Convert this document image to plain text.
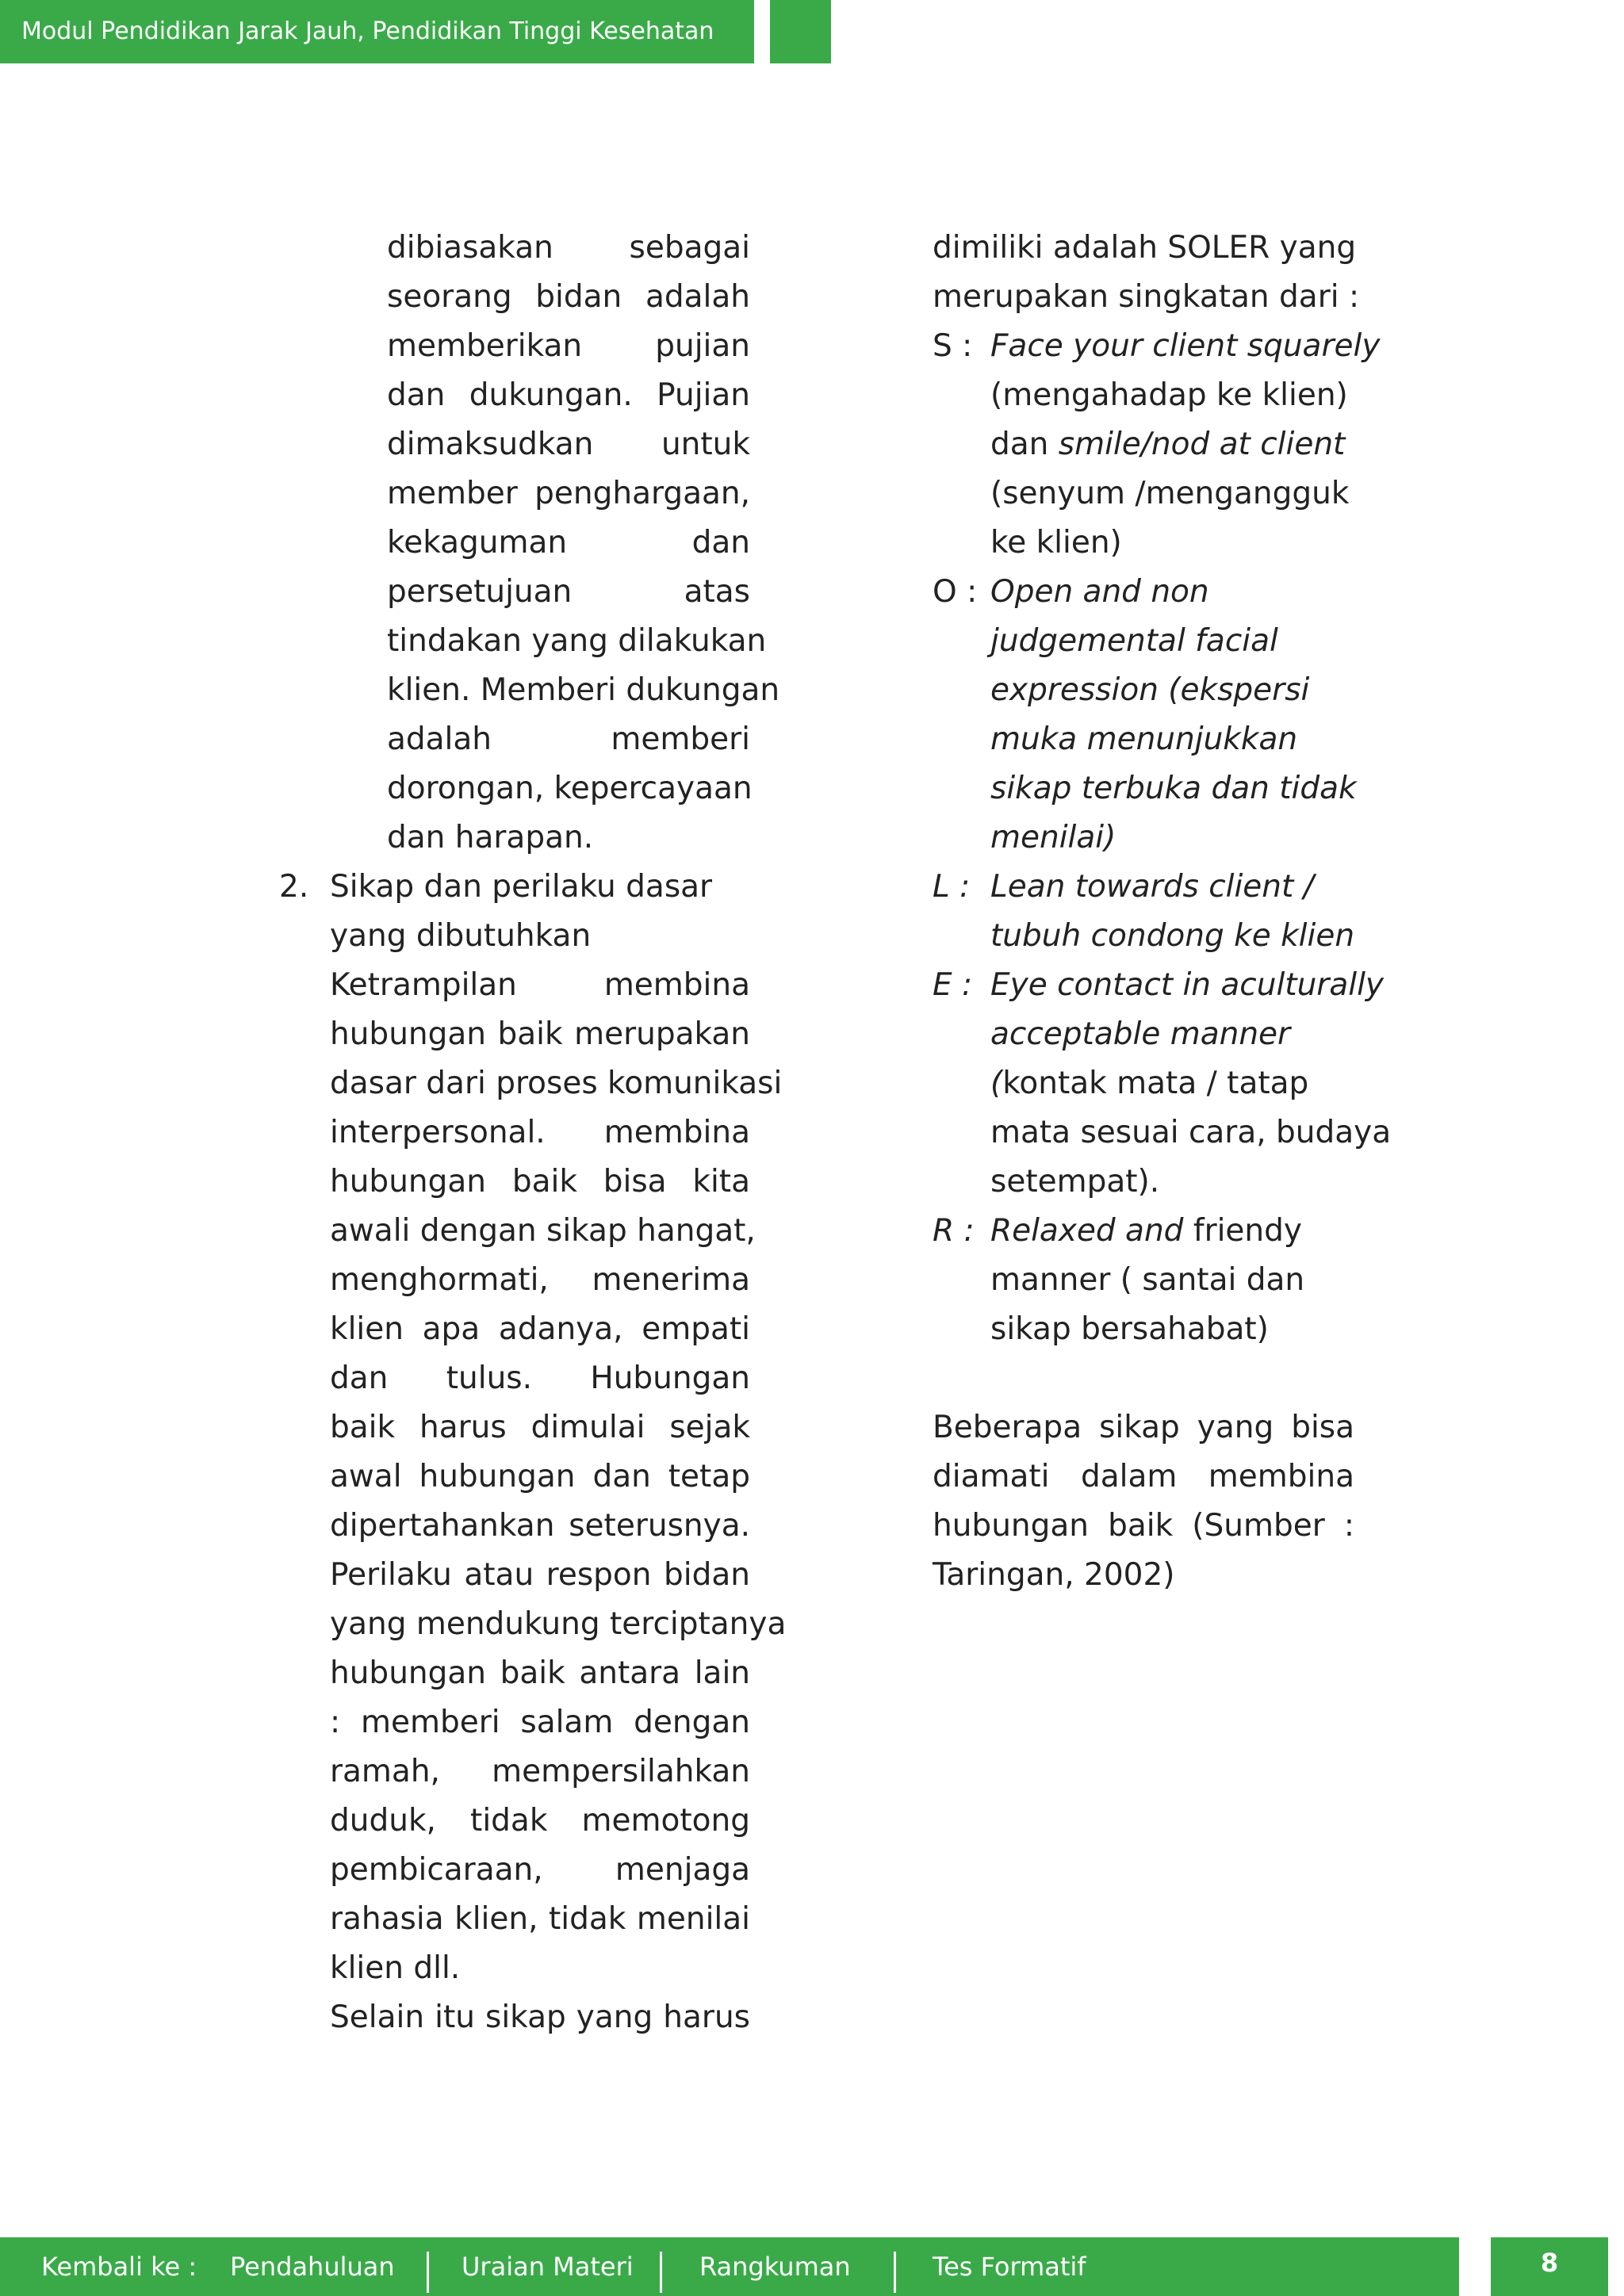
Modul Pendidikan Jarak Jauh, Pendidikan Tinggi Kesehatan
dibiasakan sebagai
seorang bidan adalah
memberikan pujian
dan dukungan. Pujian
dimaksudkan untuk
member penghargaan,
kekaguman dan
persetujuan atas
tindakan yang dilakukan
klien. Memberi dukungan
adalah memberi
dorongan, kepercayaan
dan harapan.
2. Sikap dan perilaku dasar yang dibutuhkan
Ketrampilan membina
hubungan baik merupakan
dasar dari proses komunikasi
interpersonal. membina
hubungan baik bisa kita
awali dengan sikap hangat,
menghormati, menerima
klien apa adanya, empati
dan tulus. Hubungan
baik harus dimulai sejak
awal hubungan dan tetap
dipertahankan seterusnya.
Perilaku atau respon bidan
yang mendukung terciptanya
hubungan baik antara lain
: memberi salam dengan
ramah, mempersilahkan
duduk, tidak memotong
pembicaraan, menjaga
rahasia klien, tidak menilai
klien dll.
Selain itu sikap yang harus
dimiliki adalah SOLER yang
merupakan singkatan dari :
S : Face your client squarely
(mengahadap ke klien)
dan smile/nod at client
(senyum /mengangguk
ke klien)
O : Open and non
judgemental facial
expression (ekspersi
muka menunjukkan
sikap terbuka dan tidak
menilai)
L : Lean towards client /
tubuh condong ke klien
E : Eye contact in aculturally
acceptable manner
(kontak mata / tatap
mata sesuai cara, budaya
setempat).
R : Relaxed and friendy
manner ( santai dan
sikap bersahabat)
Beberapa sikap yang bisa
diamati dalam membina
hubungan baik (Sumber :
Taringan, 2002)
Kembali ke : Pendahuluan	Uraian Materi	Rangkuman	Tes Formatif	8
